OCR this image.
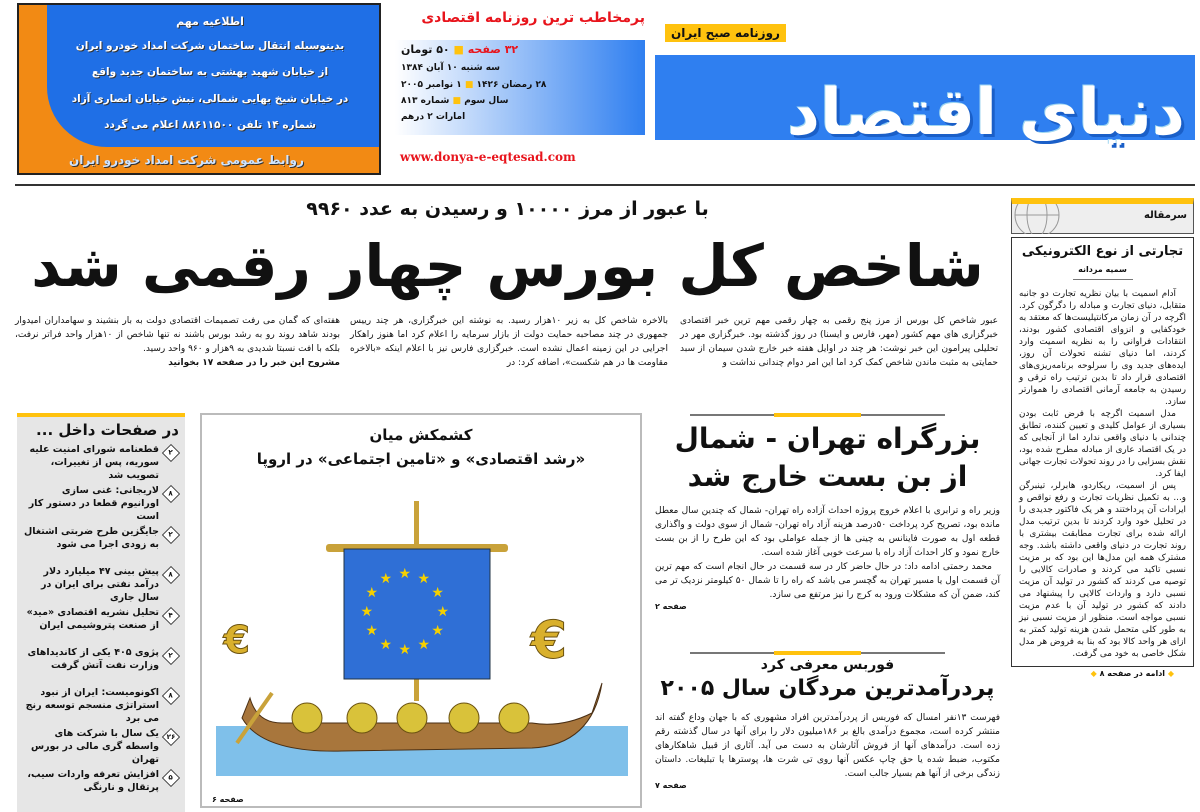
اطلاعیه مهم
بدینوسیله انتقال ساختمان شرکت امداد خودرو ایران
از خیابان شهید بهشتی به ساختمان جدید واقع
در خیابان شیخ بهایی شمالی، نبش خیابان انصاری آزاد
شماره ۱۴ تلفن ۸۸۶۱۱۵۰۰ اعلام می گردد
روابط عمومی شرکت امداد خودرو ایران
پرمخاطب ترین روزنامه اقتصادی
۳۲ صفحه ■ ۵۰ تومان
سه شنبه ۱۰ آبان ۱۳۸۴
۲۸ رمضان ۱۴۲۶ ■ ۱ نوامبر ۲۰۰۵
سال سوم ■ شماره ۸۱۳
امارات ۲ درهم
www.donya-e-eqtesad.com
دنیای اقتصاد
روزنامه صبح ایران
با عبور از مرز ۱۰۰۰۰ و رسیدن به عدد ۹۹۶۰
شاخص کل بورس چهار رقمی شد
عبور شاخص کل بورس از مرز پنج رقمی به چهار رقمی مهم ترین خبر اقتصادی خبرگزاری های مهم کشور (مهر، فارس و ایسنا) در روز گذشته بود. خبرگزاری مهر در تحلیلی پیرامون این خبر نوشت: هر چند در اوایل هفته خبر خارج شدن سیمان از سبد حمایتی به مثبت ماندن شاخص کمک کرد اما این امر دوام چندانی نداشت و
بالاخره شاخص کل به زیر ۱۰هزار رسید. به نوشته این خبرگزاری، هر چند رییس جمهوری در چند مصاحبه حمایت دولت از بازار سرمایه را اعلام کرد اما هنوز راهکار اجرایی در این زمینه اعمال نشده است. خبرگزاری فارس نیز با اعلام اینکه «بالاخره مقاومت ها در هم شکست»، اضافه کرد: در
هفته‌ای که گمان می رفت تصمیمات اقتصادی دولت به بار بنشیند و سهامداران امیدوار بودند شاهد روند رو به رشد بورس باشند نه تنها شاخص از ۱۰هزار واحد فراتر نرفت، بلکه با افت نسبتا شدیدی به ۹هزار و ۹۶۰ واحد رسید.
مشروح این خبر را در صفحه ۱۷ بخوانید
در صفحات داخل ...
۲
قطعنامه شورای امنیت علیه سوریه، پس از تغییرات، تصویب شد
۸
لاریجانی: غنی سازی اورانیوم قطعا در دستور کار است
۲
جایگزین طرح ضربتی اشتغال به زودی اجرا می شود
۸
پیش بینی ۴۷ میلیارد دلار درآمد نفتی برای ایران در سال جاری
۴
تحلیل نشریه اقتصادی «مید» از صنعت پتروشیمی ایران
۲
پژوی ۴۰۵ یکی از کاندیداهای وزارت نفت آتش گرفت
۸
اکونومیست: ایران از نبود استراتژی منسجم توسعه رنج می برد
۲۶
یک سال با شرکت های واسطه گری مالی در بورس تهران
۵
افزایش تعرفه واردات سیب، پرتقال و نارنگی
کشمکش میان
«رشد اقتصادی» و «تامین اجتماعی» در اروپا
★ ★
★
★
★
★
★
★
★
★
★
★
€	€
صفحه ۶
بزرگراه تهران - شمال
از بن بست خارج شد
وزیر راه و ترابری با اعلام خروج پروژه احداث آزاده راه تهران- شمال که چندین سال معطل مانده بود، تصریح کرد پرداخت ۵۰درصد هزینه آزاد راه تهران- شمال از سوی دولت و واگذاری قطعه اول به صورت فاینانس به چینی ها از جمله عواملی بود که این طرح را از بن بست خارج نمود و کار احداث آزاد راه با سرعت خوبی آغاز شده است.
محمد رحمتی ادامه داد: در حال حاضر کار در سه قسمت در حال انجام است که مهم ترین آن قسمت اول یا مسیر تهران به گچسر می باشد که راه را تا شمال ۵۰ کیلومتر نزدیک تر می کند، ضمن آن که مشکلات ورود به کرج را نیز مرتفع می سازد.
صفحه ۲
فوربس معرفی کرد
پردرآمدترین مردگان سال ۲۰۰۵
فهرست ۱۳نفر امسال که فوربس از پردرآمدترین افراد مشهوری که با جهان وداع گفته اند منتشر کرده است، مجموع درآمدی بالغ بر ۱۸۶میلیون دلار را برای آنها در سال گذشته رقم زده است. درآمدهای آنها از فروش آثارشان به دست می آید. آثاری از قبیل شاهکارهای مکتوب، ضبط شده یا حق چاپ عکس آنها روی تی شرت ها، پوسترها یا تبلیغات. داستان زندگی برخی از آنها هم بسیار جالب است.
صفحه ۷
سرمقاله
تجارتی از نوع الکترونیکی
سمیه مردانه

آدام اسمیت با بیان نظریه تجارت دو جانبه متقابل، دنیای تجارت و مبادله را دگرگون کرد. اگرچه در آن زمان مرکانتیلیست‌ها که معتقد به خودکفایی و انزوای اقتصادی کشور بودند، انتقادات فراوانی را به نظریه اسمیت وارد کردند، اما دنیای تشنه تحولات آن روز، ایده‌های جدید وی را سرلوحه برنامه‌ریزی‌های اقتصادی قرار داد تا بدین ترتیب راه ترقی و رسیدن به جامعه آرمانی اقتصادی را هموارتر سازد.

مدل اسمیت اگرچه با فرض ثابت بودن بسیاری از عوامل کلیدی و تعیین کننده، تطابق چندانی با دنیای واقعی ندارد اما از آنجایی که در یک اقتصاد عاری از مبادله مطرح شده بود، نقش بسزایی را در روند تحولات تجارت جهانی ایفا کرد.

پس از اسمیت، ریکاردو، هابرلر، تینبرگن و... به تکمیل نظریات تجارت و رفع نواقص و ایرادات آن پرداختند و هر یک فاکتور جدیدی را در تحلیل خود وارد کردند تا بدین ترتیب مدل ارائه شده برای تجارت مطابقت بیشتری با روند تجارت در دنیای واقعی داشته باشد. وجه مشترک همه این مدل‌ها این بود که بر مزیت نسبی تاکید می کردند و صادرات کالایی را توصیه می کردند که کشور در تولید آن مزیت نسبی دارد و واردات کالایی را پیشنهاد می دادند که کشور در تولید آن با عدم مزیت نسبی مواجه است. منظور از مزیت نسبی نیز به طور کلی متحمل شدن هزینه تولید کمتر به ازای هر واحد کالا بود که بنا به فروض هر مدل شکل خاصی به خود می گرفت.

◆ ادامه در صفحه ۸ ◆
